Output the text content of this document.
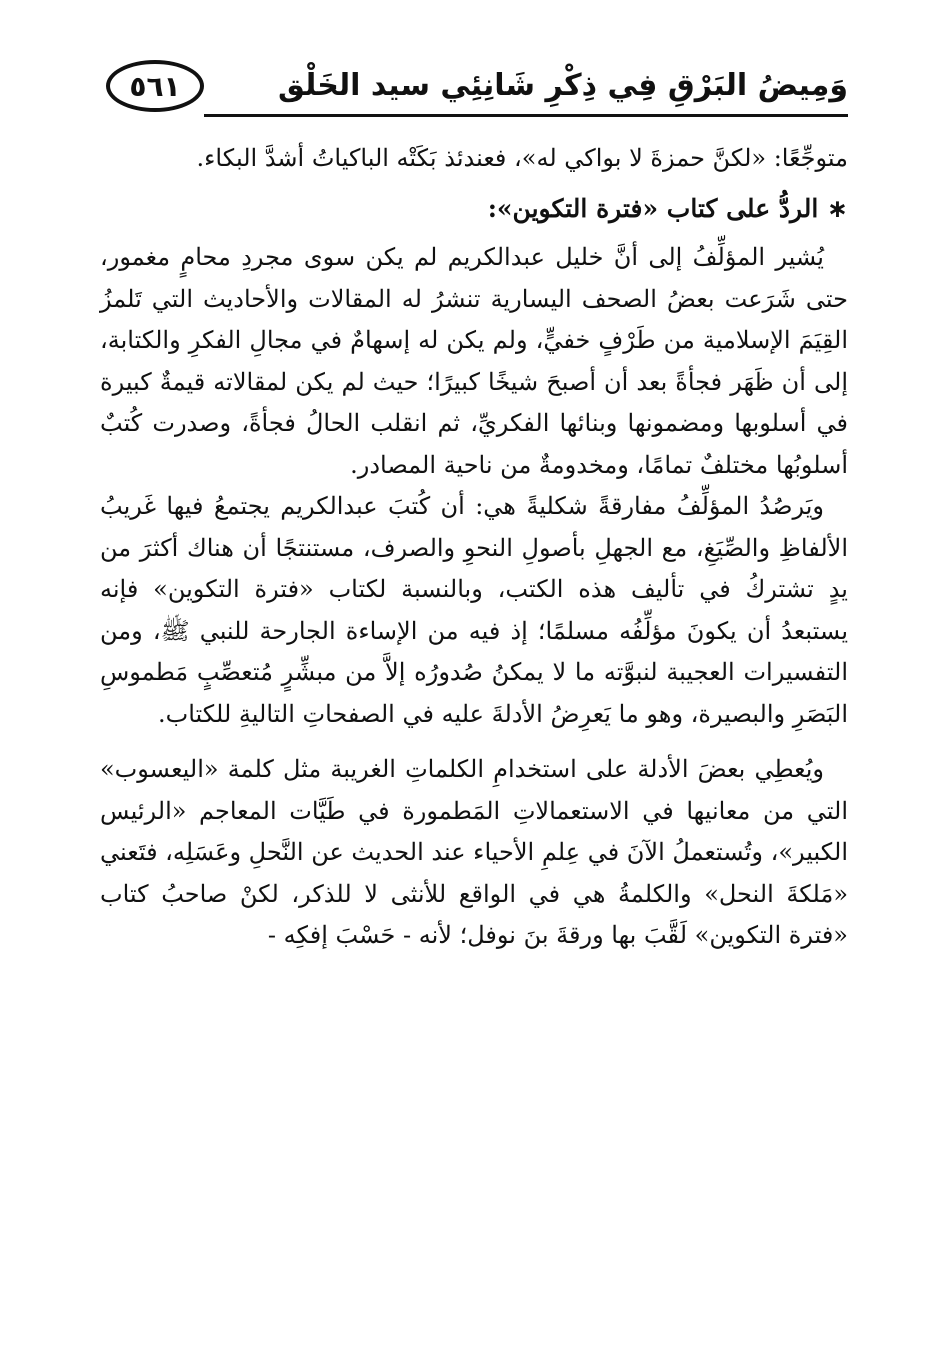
٥٦١	وَمِيضُ البَرْقِ فِي ذِكْرِ شَانِئِي سيد الخَلْق

متوجِّعًا: «لكنَّ حمزةَ لا بواكي له»، فعندئذ بَكَتْه الباكياتُ أشدَّ البكاء.

∗ الردُّ على كتاب «فترة التكوين»:

يُشير المؤلِّفُ إلى أنَّ خليل عبدالكريم لم يكن سوى مجردِ محامٍ مغمور، حتى شَرَعت بعضُ الصحف اليسارية تنشرُ له المقالات والأحاديث التي تَلمزُ القِيَمَ الإسلامية من طَرْفٍ خفيٍّ، ولم يكن له إسهامٌ في مجالِ الفكرِ والكتابة، إلى أن ظَهَر فجأةً بعد أن أصبحَ شيخًا كبيرًا؛ حيث لم يكن لمقالاته قيمةٌ كبيرة في أسلوبها ومضمونها وبنائها الفكريِّ، ثم انقلب الحالُ فجأةً، وصدرت كُتبٌ أسلوبُها مختلفٌ تمامًا، ومخدومةٌ من ناحية المصادر.

ويَرصُدُ المؤلِّفُ مفارقةً شكليةً هي: أن كُتبَ عبدالكريم يجتمعُ فيها غَريبُ الألفاظِ والصِّيَغِ، مع الجهلِ بأصولِ النحوِ والصرف، مستنتجًا أن هناك أكثرَ من يدٍ تشتركُ في تأليف هذه الكتب، وبالنسبة لكتاب «فترة التكوين» فإنه يستبعدُ أن يكونَ مؤلِّفُه مسلمًا؛ إذ فيه من الإساءة الجارحة للنبي ﷺ، ومن التفسيرات العجيبة لنبوَّته ما لا يمكنُ صُدورُه إلاَّ من مبشِّرٍ مُتعصِّبٍ مَطموسِ البَصَرِ والبصيرة، وهو ما يَعرِضُ الأدلةَ عليه في الصفحاتِ التاليةِ للكتاب.

ويُعطِي بعضَ الأدلة على استخدامِ الكلماتِ الغريبة مثل كلمة «اليعسوب» التي من معانيها في الاستعمالاتِ المَطمورة في طَيَّات المعاجم «الرئيس الكبير»، وتُستعملُ الآنَ في عِلمِ الأحياء عند الحديث عن النَّحلِ وعَسَلِه، فتَعني «مَلكةَ النحل» والكلمةُ هي في الواقع للأنثى لا للذكر، لكنْ صاحبُ كتاب «فترة التكوين» لَقَّبَ بها ورقةَ بنَ نوفل؛ لأنه - حَسْبَ إفكِه -
